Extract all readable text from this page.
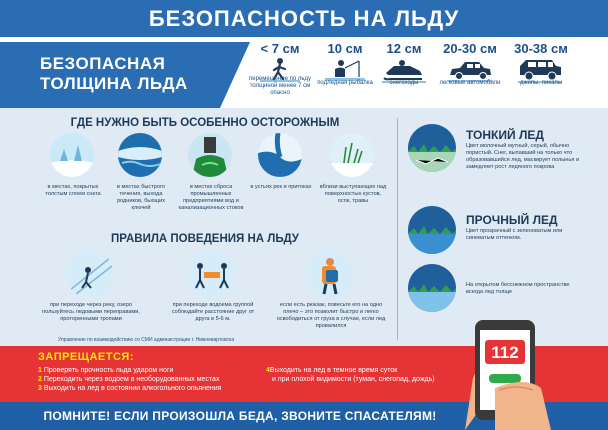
БЕЗОПАСНОСТЬ НА ЛЬДУ
БЕЗОПАСНАЯ
ТОЛЩИНА ЛЬДА
< 7 см
перемещение по льду толщиной менее 7 см опасно
10 см
подледная рыбалка
12 см
снегоходы
20-30 см
легковые автомобили
30-38 см
джипы, пикапы
ГДЕ НУЖНО БЫТЬ ОСОБЕННО ОСТОРОЖНЫМ
в местах, покрытых толстым слоем снега
в местах быстрого течения, выхода родников, бьющих ключей
в местах сброса промышленных предприятиями вод и канализационных стоков
в устьях рек и притоках	вблизи выступающих над поверхностью кустов, осок, травы
ПРАВИЛА ПОВЕДЕНИЯ НА ЛЬДУ
при переходе через реку, озеро пользуйтесь ледовыми переправами, проторенными тропами
при переходе водоема группой соблюдайте расстояние друг от друга в 5-6 м.
если есть рюкзак, повесьте его на одно плечо – это позволит быстро и легко освободиться от груза в случае, если лед провалился
Управление по взаимодействию со СМИ администрации г. Нижневартовска
ТОНКИЙ ЛЕД
Цвет молочный мутный, серый, обычно пористый. Снег, выпавший на только что образовавшийся лед, маскирует полынья и замедляет рост ледяного покрова
ПРОЧНЫЙ ЛЕД
Цвет прозрачный с зеленоватым или синеватым оттенком.
На открытом бесснежном пространстве всегда лед толще
ЗАПРЕЩАЕТСЯ:
1 Проверять прочность льда ударом ноги
2 Переходить через водоем в необорудованных местах
3 Выходить на лед в состоянии алкогольного опьянения
4Выходить на лед в темное время суток
и при плохой видимости (туман, снегопад, дождь)
ПОМНИТЕ! ЕСЛИ ПРОИЗОШЛА БЕДА, ЗВОНИТЕ СПАСАТЕЛЯМ!
112
